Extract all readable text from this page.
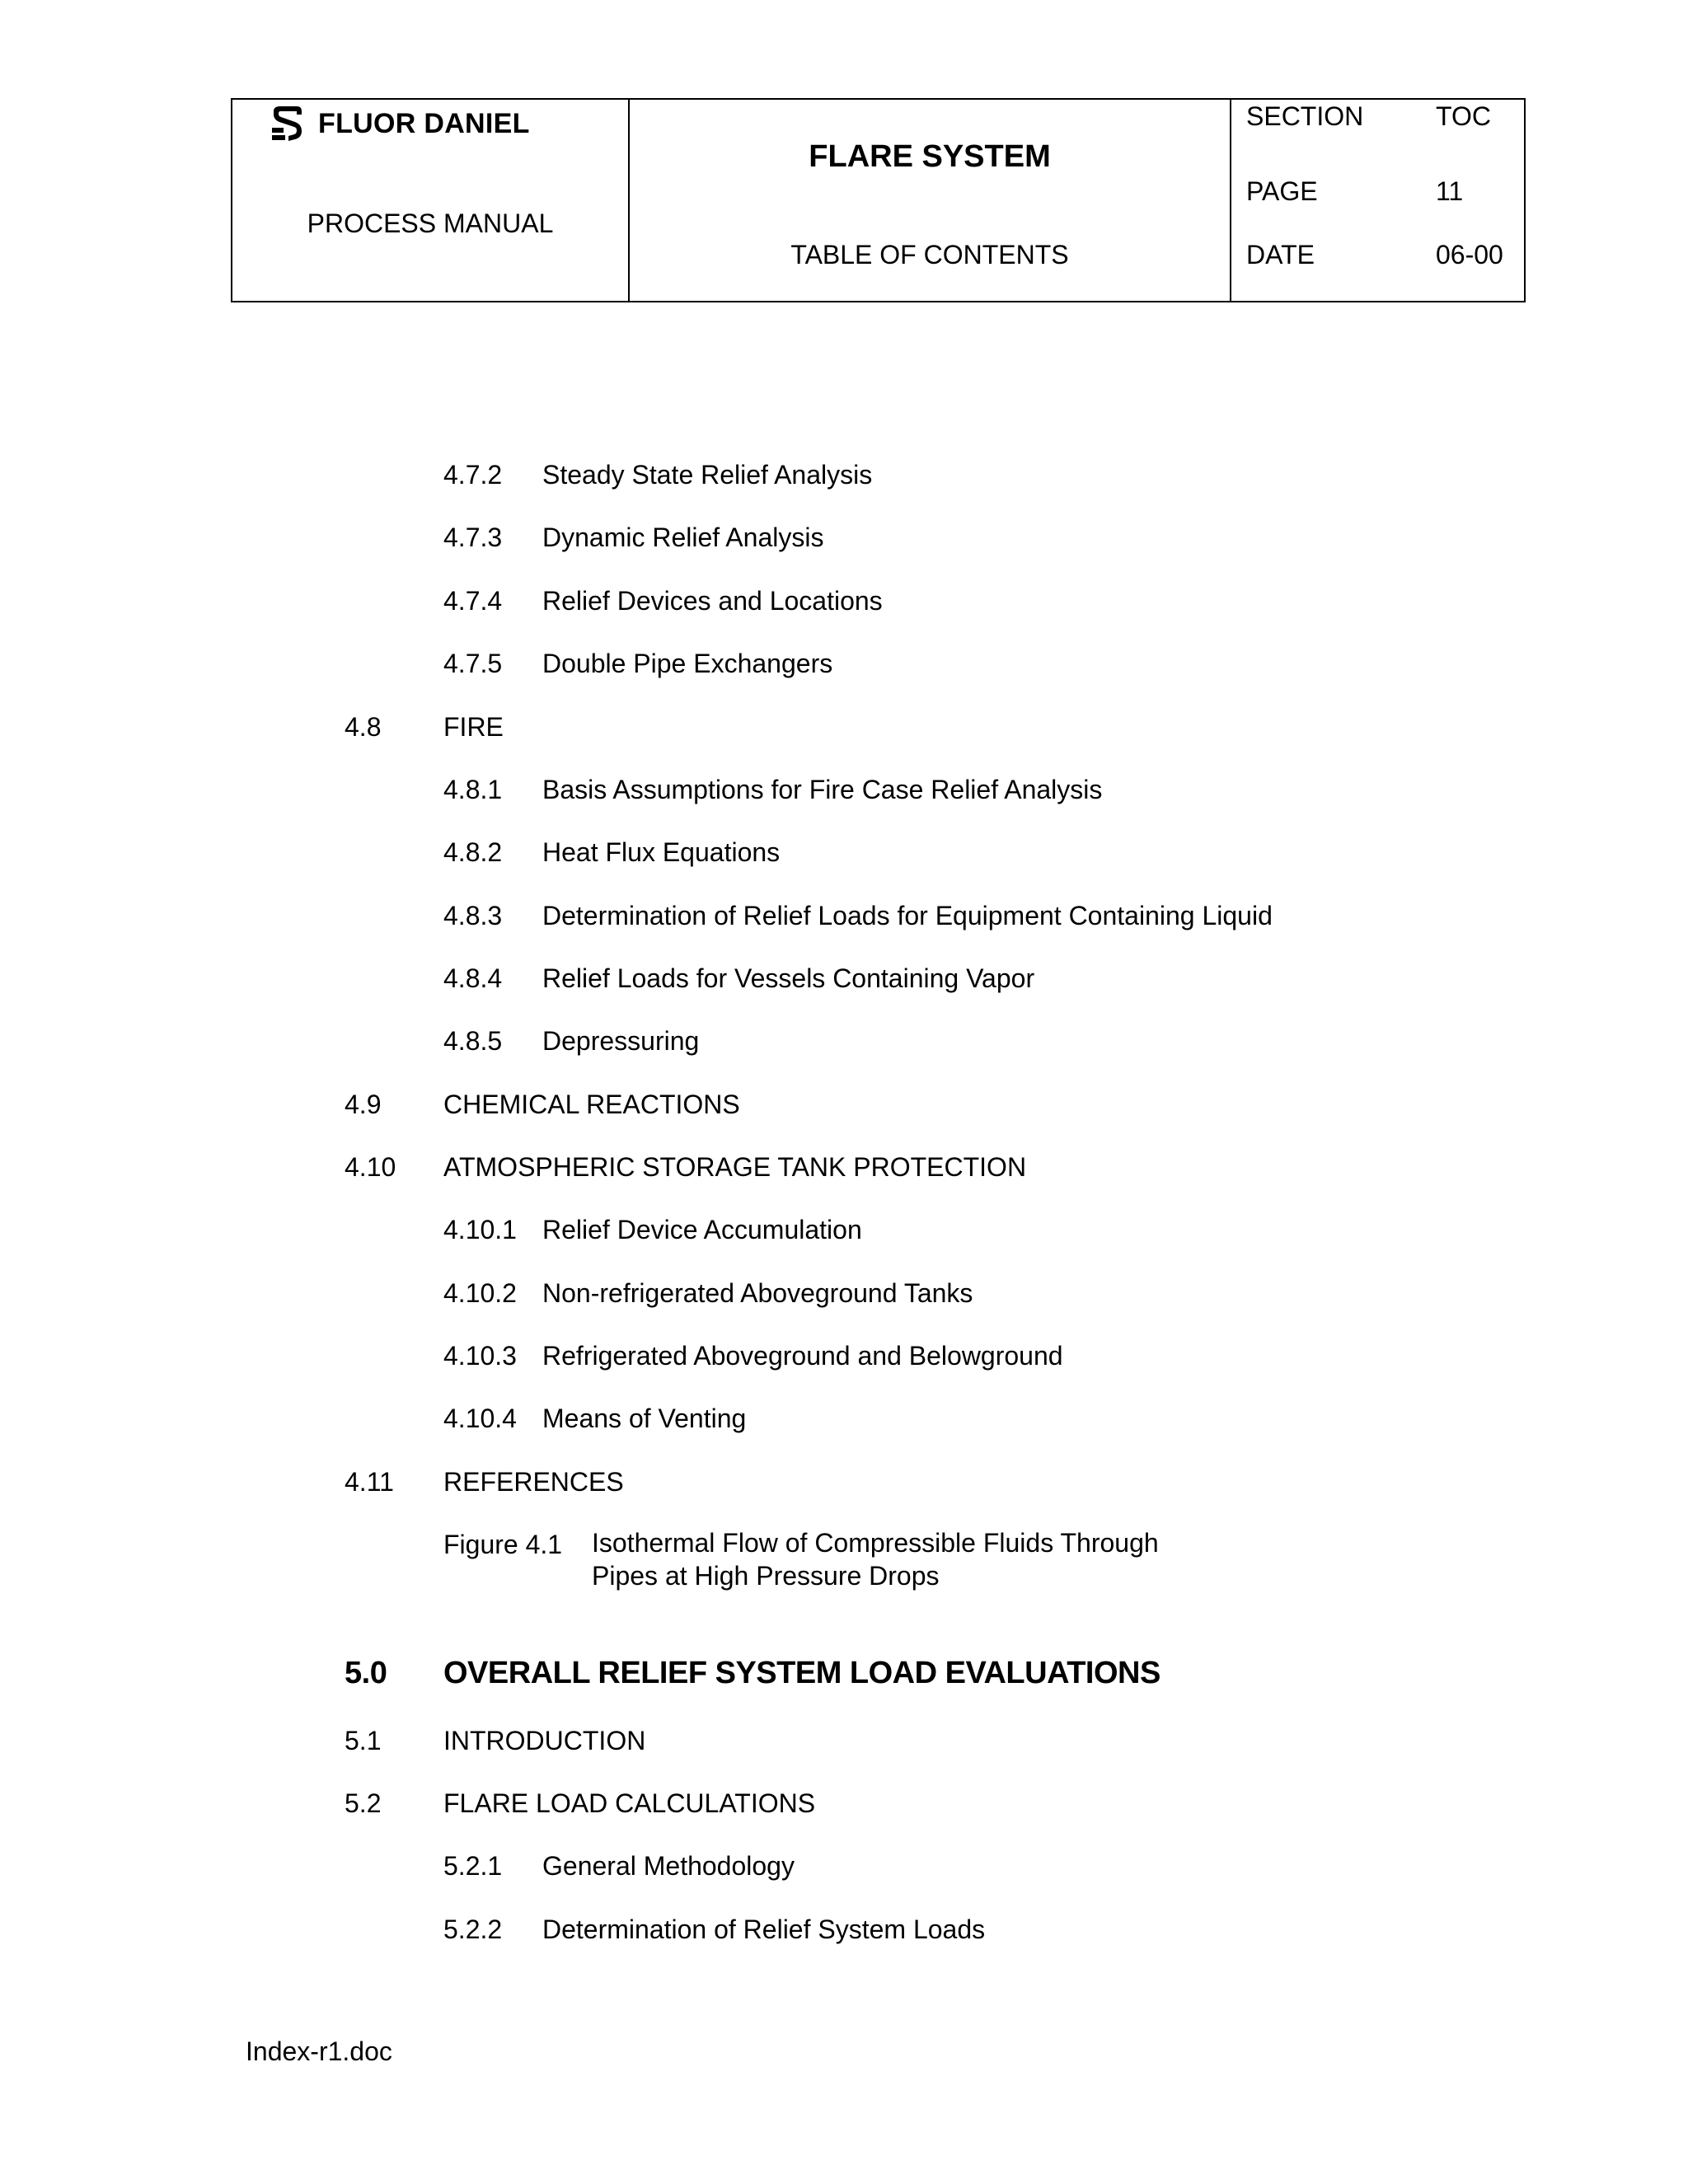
FLUOR DANIEL
PROCESS MANUAL
FLARE SYSTEM
TABLE OF CONTENTS
SECTION	TOC
PAGE	11
DATE	06-00
4.7.2 Steady State Relief Analysis
4.7.3 Dynamic Relief Analysis
4.7.4 Relief Devices and Locations
4.7.5 Double Pipe Exchangers
4.8 FIRE
4.8.1 Basis Assumptions for Fire Case Relief Analysis
4.8.2 Heat Flux Equations
4.8.3 Determination of Relief Loads for Equipment Containing Liquid
4.8.4 Relief Loads for Vessels Containing Vapor
4.8.5 Depressuring
4.9 CHEMICAL REACTIONS
4.10 ATMOSPHERIC STORAGE TANK PROTECTION
4.10.1 Relief Device Accumulation
4.10.2 Non-refrigerated Aboveground Tanks
4.10.3 Refrigerated Aboveground and Belowground
4.10.4 Means of Venting
4.11 REFERENCES
Figure 4.1 Isothermal Flow of Compressible Fluids Through
Pipes at High Pressure Drops
5.0 OVERALL RELIEF SYSTEM LOAD EVALUATIONS
5.1 INTRODUCTION
5.2 FLARE LOAD CALCULATIONS
5.2.1 General Methodology
5.2.2 Determination of Relief System Loads
Index-r1.doc
